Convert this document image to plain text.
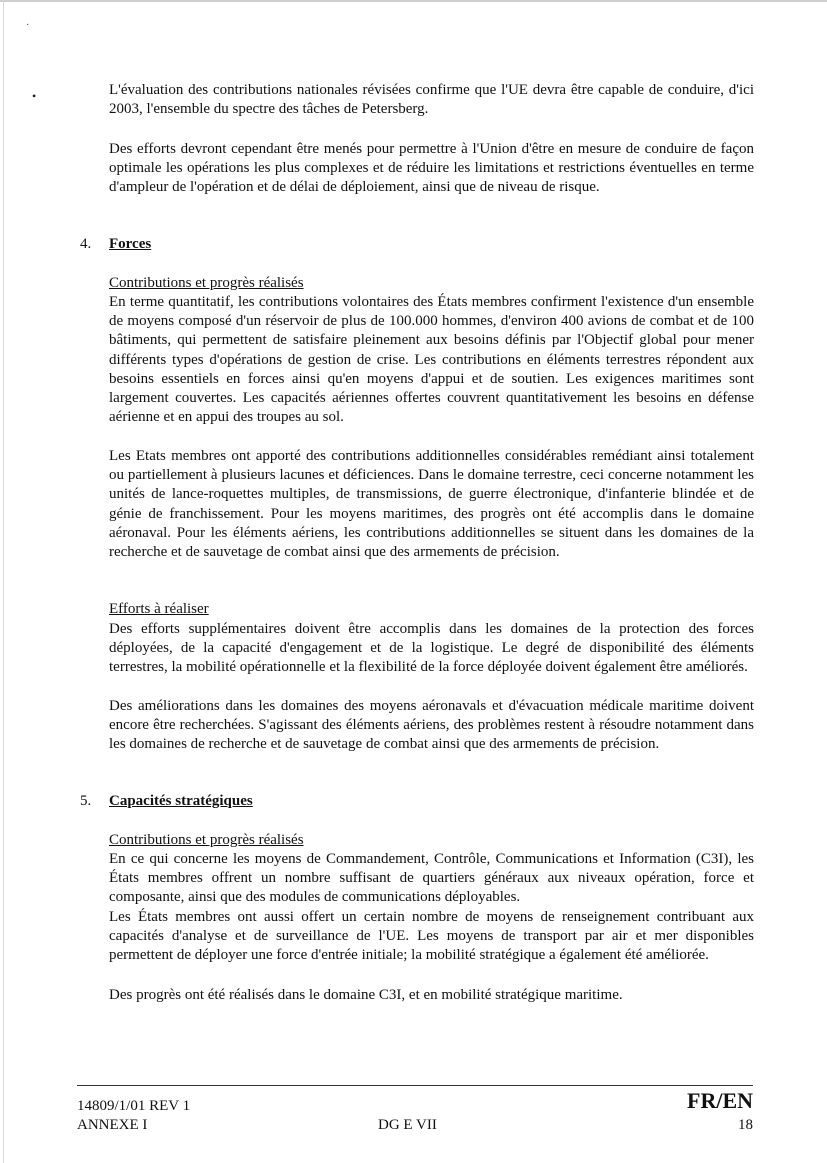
·
•	L'évaluation des contributions nationales révisées confirme que l'UE devra être capable de conduire, d'ici 2003, l'ensemble du spectre des tâches de Petersberg.

Des efforts devront cependant être menés pour permettre à l'Union d'être en mesure de conduire de façon optimale les opérations les plus complexes et de réduire les limitations et restrictions éventuelles en terme d'ampleur de l'opération et de délai de déploiement, ainsi que de niveau de risque.

4. Forces
Contributions et progrès réalisés

En terme quantitatif, les contributions volontaires des États membres confirment l'existence d'un ensemble de moyens composé d'un réservoir de plus de 100.000 hommes, d'environ 400 avions de combat et de 100 bâtiments, qui permettent de satisfaire pleinement aux besoins définis par l'Objectif global pour mener différents types d'opérations de gestion de crise. Les contributions en éléments terrestres répondent aux besoins essentiels en forces ainsi qu'en moyens d'appui et de soutien. Les exigences maritimes sont largement couvertes. Les capacités aériennes offertes couvrent quantitativement les besoins en défense aérienne et en appui des troupes au sol.

Les Etats membres ont apporté des contributions additionnelles considérables remédiant ainsi totalement ou partiellement à plusieurs lacunes et déficiences. Dans le domaine terrestre, ceci concerne notamment les unités de lance-roquettes multiples, de transmissions, de guerre électronique, d'infanterie blindée et de génie de franchissement. Pour les moyens maritimes, des progrès ont été accomplis dans le domaine aéronaval. Pour les éléments aériens, les contributions additionnelles se situent dans les domaines de la recherche et de sauvetage de combat ainsi que des armements de précision.

Efforts à réaliser

Des efforts supplémentaires doivent être accomplis dans les domaines de la protection des forces déployées, de la capacité d'engagement et de la logistique. Le degré de disponibilité des éléments terrestres, la mobilité opérationnelle et la flexibilité de la force déployée doivent également être améliorés.

Des améliorations dans les domaines des moyens aéronavals et d'évacuation médicale maritime doivent encore être recherchées. S'agissant des éléments aériens, des problèmes restent à résoudre notamment dans les domaines de recherche et de sauvetage de combat ainsi que des armements de précision.

5. Capacités stratégiques
Contributions et progrès réalisés

En ce qui concerne les moyens de Commandement, Contrôle, Communications et Information (C3I), les États membres offrent un nombre suffisant de quartiers généraux aux niveaux opération, force et composante, ainsi que des modules de communications déployables.

Les États membres ont aussi offert un certain nombre de moyens de renseignement contribuant aux capacités d'analyse et de surveillance de l'UE. Les moyens de transport par air et mer disponibles permettent de déployer une force d'entrée initiale; la mobilité stratégique a également été améliorée.

Des progrès ont été réalisés dans le domaine C3I, et en mobilité stratégique maritime.

14809/1/01 REV 1
ANNEXE I	DG E VII
FR/EN
18
